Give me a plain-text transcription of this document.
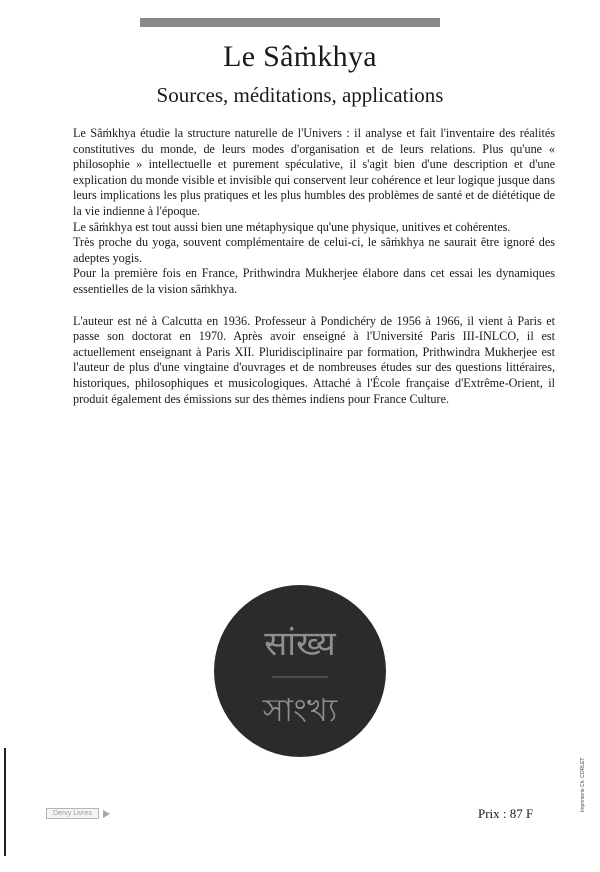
Le Sâṁkhya
Sources, méditations, applications

Le Sâṁkhya étudie la structure naturelle de l'Univers : il analyse et fait l'inventaire des réalités constitutives du monde, de leurs modes d'organisation et de leurs relations. Plus qu'une « philosophie » intellectuelle et purement spéculative, il s'agit bien d'une description et d'une explication du monde visible et invisible qui conservent leur cohérence et leur logique jusque dans leurs implications les plus pratiques et les plus humbles des problèmes de santé et de diététique de la vie indienne à l'époque.

Le sâṁkhya est tout aussi bien une métaphysique qu'une physique, unitives et cohérentes.

Très proche du yoga, souvent complémentaire de celui-ci, le sâṁkhya ne saurait être ignoré des adeptes yogis.

Pour la première fois en France, Prithwindra Mukherjee élabore dans cet essai les dynamiques essentielles de la vision sâṁkhya.

L'auteur est né à Calcutta en 1936. Professeur à Pondichéry de 1956 à 1966, il vient à Paris et passe son doctorat en 1970. Après avoir enseigné à l'Université Paris III-INLCO, il est actuellement enseignant à Paris XII. Pluridisciplinaire par formation, Prithwindra Mukherjee est l'auteur de plus d'une vingtaine d'ouvrages et de nombreuses études sur des questions littéraires, historiques, philosophiques et musicologiques. Attaché à l'École française d'Extrême-Orient, il produit également des émissions sur des thèmes indiens pour France Culture.

सांख्य
সাংখ্য
Dervy Livres	Prix : 87 F
Imprimerie Ch. CORLET
